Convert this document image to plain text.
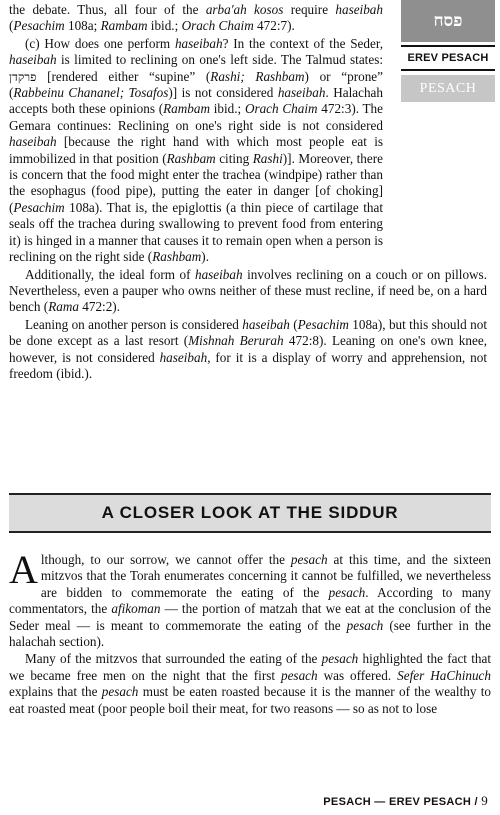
פסח
EREV PESACH
PESACH

the debate. Thus, all four of the arba'ah kosos require haseibah (Pesachim 108a; Rambam ibid.; Orach Chaim 472:7).

(c) How does one perform haseibah? In the context of the Seder, haseibah is limited to reclining on one's left side. The Talmud states: פרקדן [rendered either “supine” (Rashi; Rashbam) or “prone” (Rabbeinu Chananel; Tosafos)] is not considered haseibah. Halachah accepts both these opinions (Rambam ibid.; Orach Chaim 472:3). The Gemara continues: Reclining on one's right side is not considered haseibah [because the right hand with which most people eat is immobilized in that position (Rashbam citing Rashi)]. Moreover, there is concern that the food might enter the trachea (windpipe) rather than the esophagus (food pipe), putting the eater in danger [of choking] (Pesachim 108a). That is, the epiglottis (a thin piece of cartilage that seals off the trachea during swallowing to prevent food from entering it) is hinged in a manner that causes it to remain open when a person is reclining on the right side (Rashbam).

Additionally, the ideal form of haseibah involves reclining on a couch or on pillows. Nevertheless, even a pauper who owns neither of these must recline, if need be, on a hard bench (Rama 472:2).

Leaning on another person is considered haseibah (Pesachim 108a), but this should not be done except as a last resort (Mishnah Berurah 472:8). Leaning on one's own knee, however, is not considered haseibah, for it is a display of worry and apprehension, not freedom (ibid.).

A CLOSER LOOK AT THE SIDDUR

Although, to our sorrow, we cannot offer the pesach at this time, and the sixteen mitzvos that the Torah enumerates concerning it cannot be fulfilled, we nevertheless are bidden to commemorate the eating of the pesach. According to many commentators, the afikoman — the portion of matzah that we eat at the conclusion of the Seder meal — is meant to commemorate the eating of the pesach (see further in the halachah section).

Many of the mitzvos that surrounded the eating of the pesach highlighted the fact that we became free men on the night that the first pesach was offered. Sefer HaChinuch explains that the pesach must be eaten roasted because it is the manner of the wealthy to eat roasted meat (poor people boil their meat, for two reasons — so as not to lose

PESACH — EREV PESACH / 9
